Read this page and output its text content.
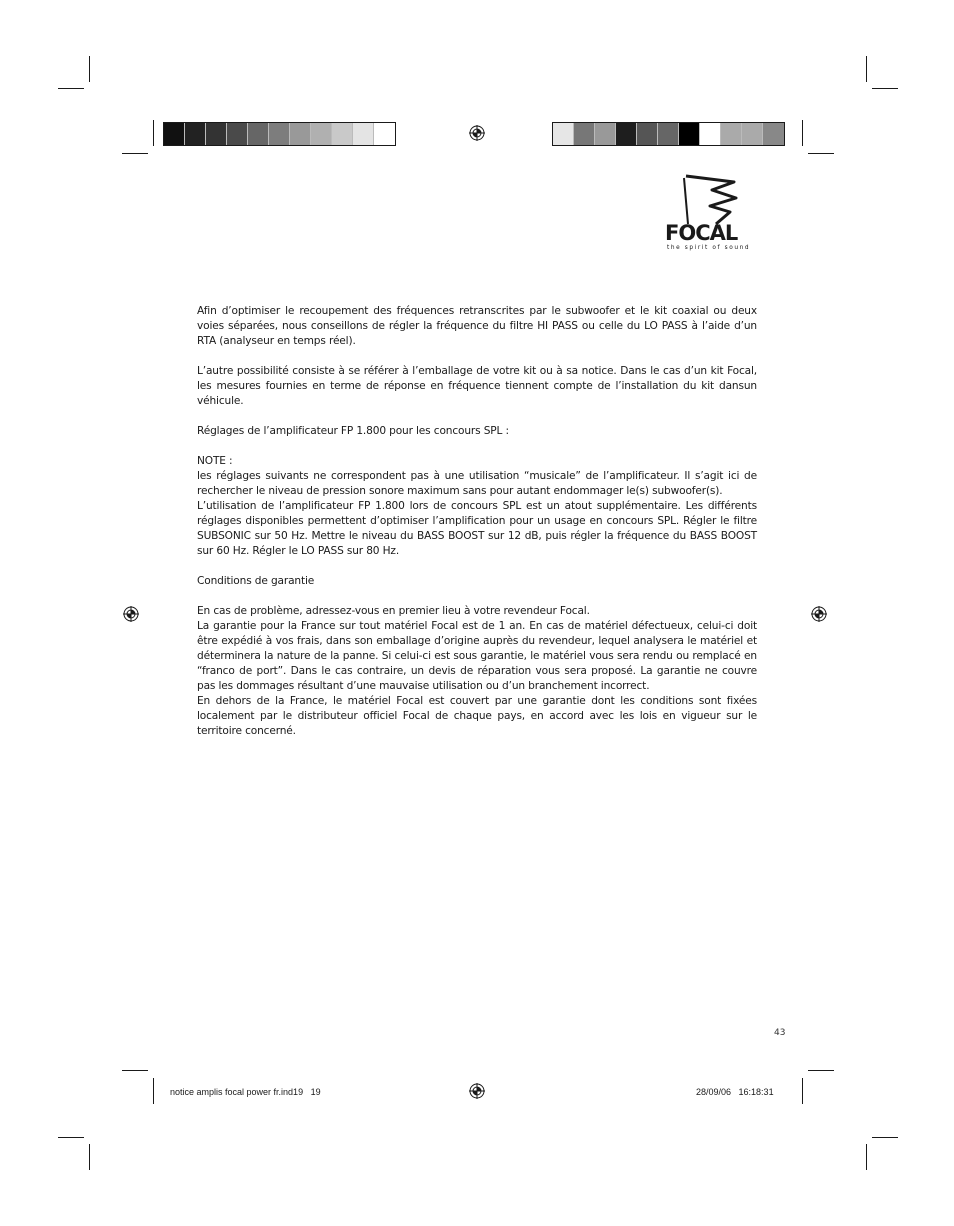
FOCAL
the spirit of sound

Afin d’optimiser le recoupement des fréquences retranscrites par le subwoofer et le kit coaxial ou deux voies séparées, nous conseillons de régler la fréquence du filtre HI PASS ou celle du LO PASS à l’aide d’un RTA (analyseur en temps réel).

L’autre possibilité consiste à se référer à l’emballage de votre kit ou à sa notice. Dans le cas d’un kit Focal, les mesures fournies en terme de réponse en fréquence tiennent compte de l’installation du kit dansun véhicule.

Réglages de l’amplificateur FP 1.800 pour les concours SPL :

NOTE :

les réglages suivants ne correspondent pas à une utilisation “musicale” de l’amplificateur. Il s’agit ici de rechercher le niveau de pression sonore maximum sans pour autant endommager le(s) subwoofer(s).

L’utilisation de l’amplificateur FP 1.800 lors de concours SPL est un atout supplémentaire. Les différents réglages disponibles permettent d’optimiser l’amplification pour un usage en concours SPL. Régler le filtre SUBSONIC sur 50 Hz. Mettre le niveau du BASS BOOST sur 12 dB, puis régler la fréquence du BASS BOOST sur 60 Hz. Régler le LO PASS sur 80 Hz.

Conditions de garantie

En cas de problème, adressez-vous en premier lieu à votre revendeur Focal.

La garantie pour la France sur tout matériel Focal est de 1 an. En cas de matériel défectueux, celui-ci doit être expédié à vos frais, dans son emballage d’origine auprès du revendeur, lequel analysera le matériel et déterminera la nature de la panne. Si celui-ci est sous garantie, le matériel vous sera rendu ou remplacé en “franco de port”. Dans le cas contraire, un devis de réparation vous sera proposé. La garantie ne couvre pas les dommages résultant d’une mauvaise utilisation ou d’un branchement incorrect.

En dehors de la France, le matériel Focal est couvert par une garantie dont les conditions sont fixées localement par le distributeur officiel Focal de chaque pays, en accord avec les lois en vigueur sur le territoire concerné.

43
notice amplis focal power fr.ind19   19	28/09/06   16:18:31
